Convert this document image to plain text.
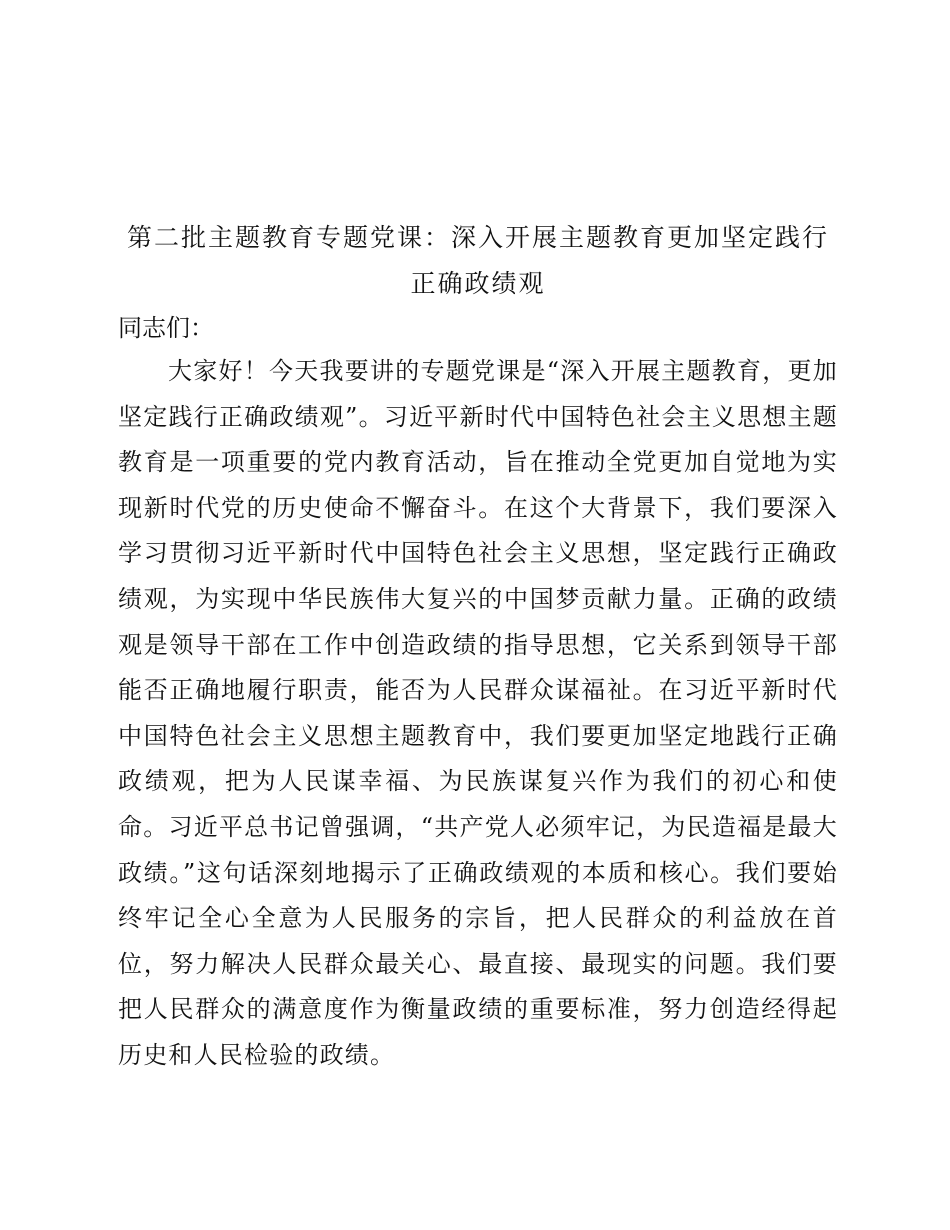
第二批主题教育专题党课：深入开展主题教育更加坚定践行正确政绩观

同志们：

大家好！今天我要讲的专题党课是“深入开展主题教育，更加坚定践行正确政绩观”。习近平新时代中国特色社会主义思想主题教育是一项重要的党内教育活动，旨在推动全党更加自觉地为实现新时代党的历史使命不懈奋斗。在这个大背景下，我们要深入学习贯彻习近平新时代中国特色社会主义思想，坚定践行正确政绩观，为实现中华民族伟大复兴的中国梦贡献力量。正确的政绩观是领导干部在工作中创造政绩的指导思想，它关系到领导干部能否正确地履行职责，能否为人民群众谋福祉。在习近平新时代中国特色社会主义思想主题教育中，我们要更加坚定地践行正确政绩观，把为人民谋幸福、为民族谋复兴作为我们的初心和使命。习近平总书记曾强调，“共产党人必须牢记，为民造福是最大政绩。”这句话深刻地揭示了正确政绩观的本质和核心。我们要始终牢记全心全意为人民服务的宗旨，把人民群众的利益放在首位，努力解决人民群众最关心、最直接、最现实的问题。我们要把人民群众的满意度作为衡量政绩的重要标准，努力创造经得起历史和人民检验的政绩。
